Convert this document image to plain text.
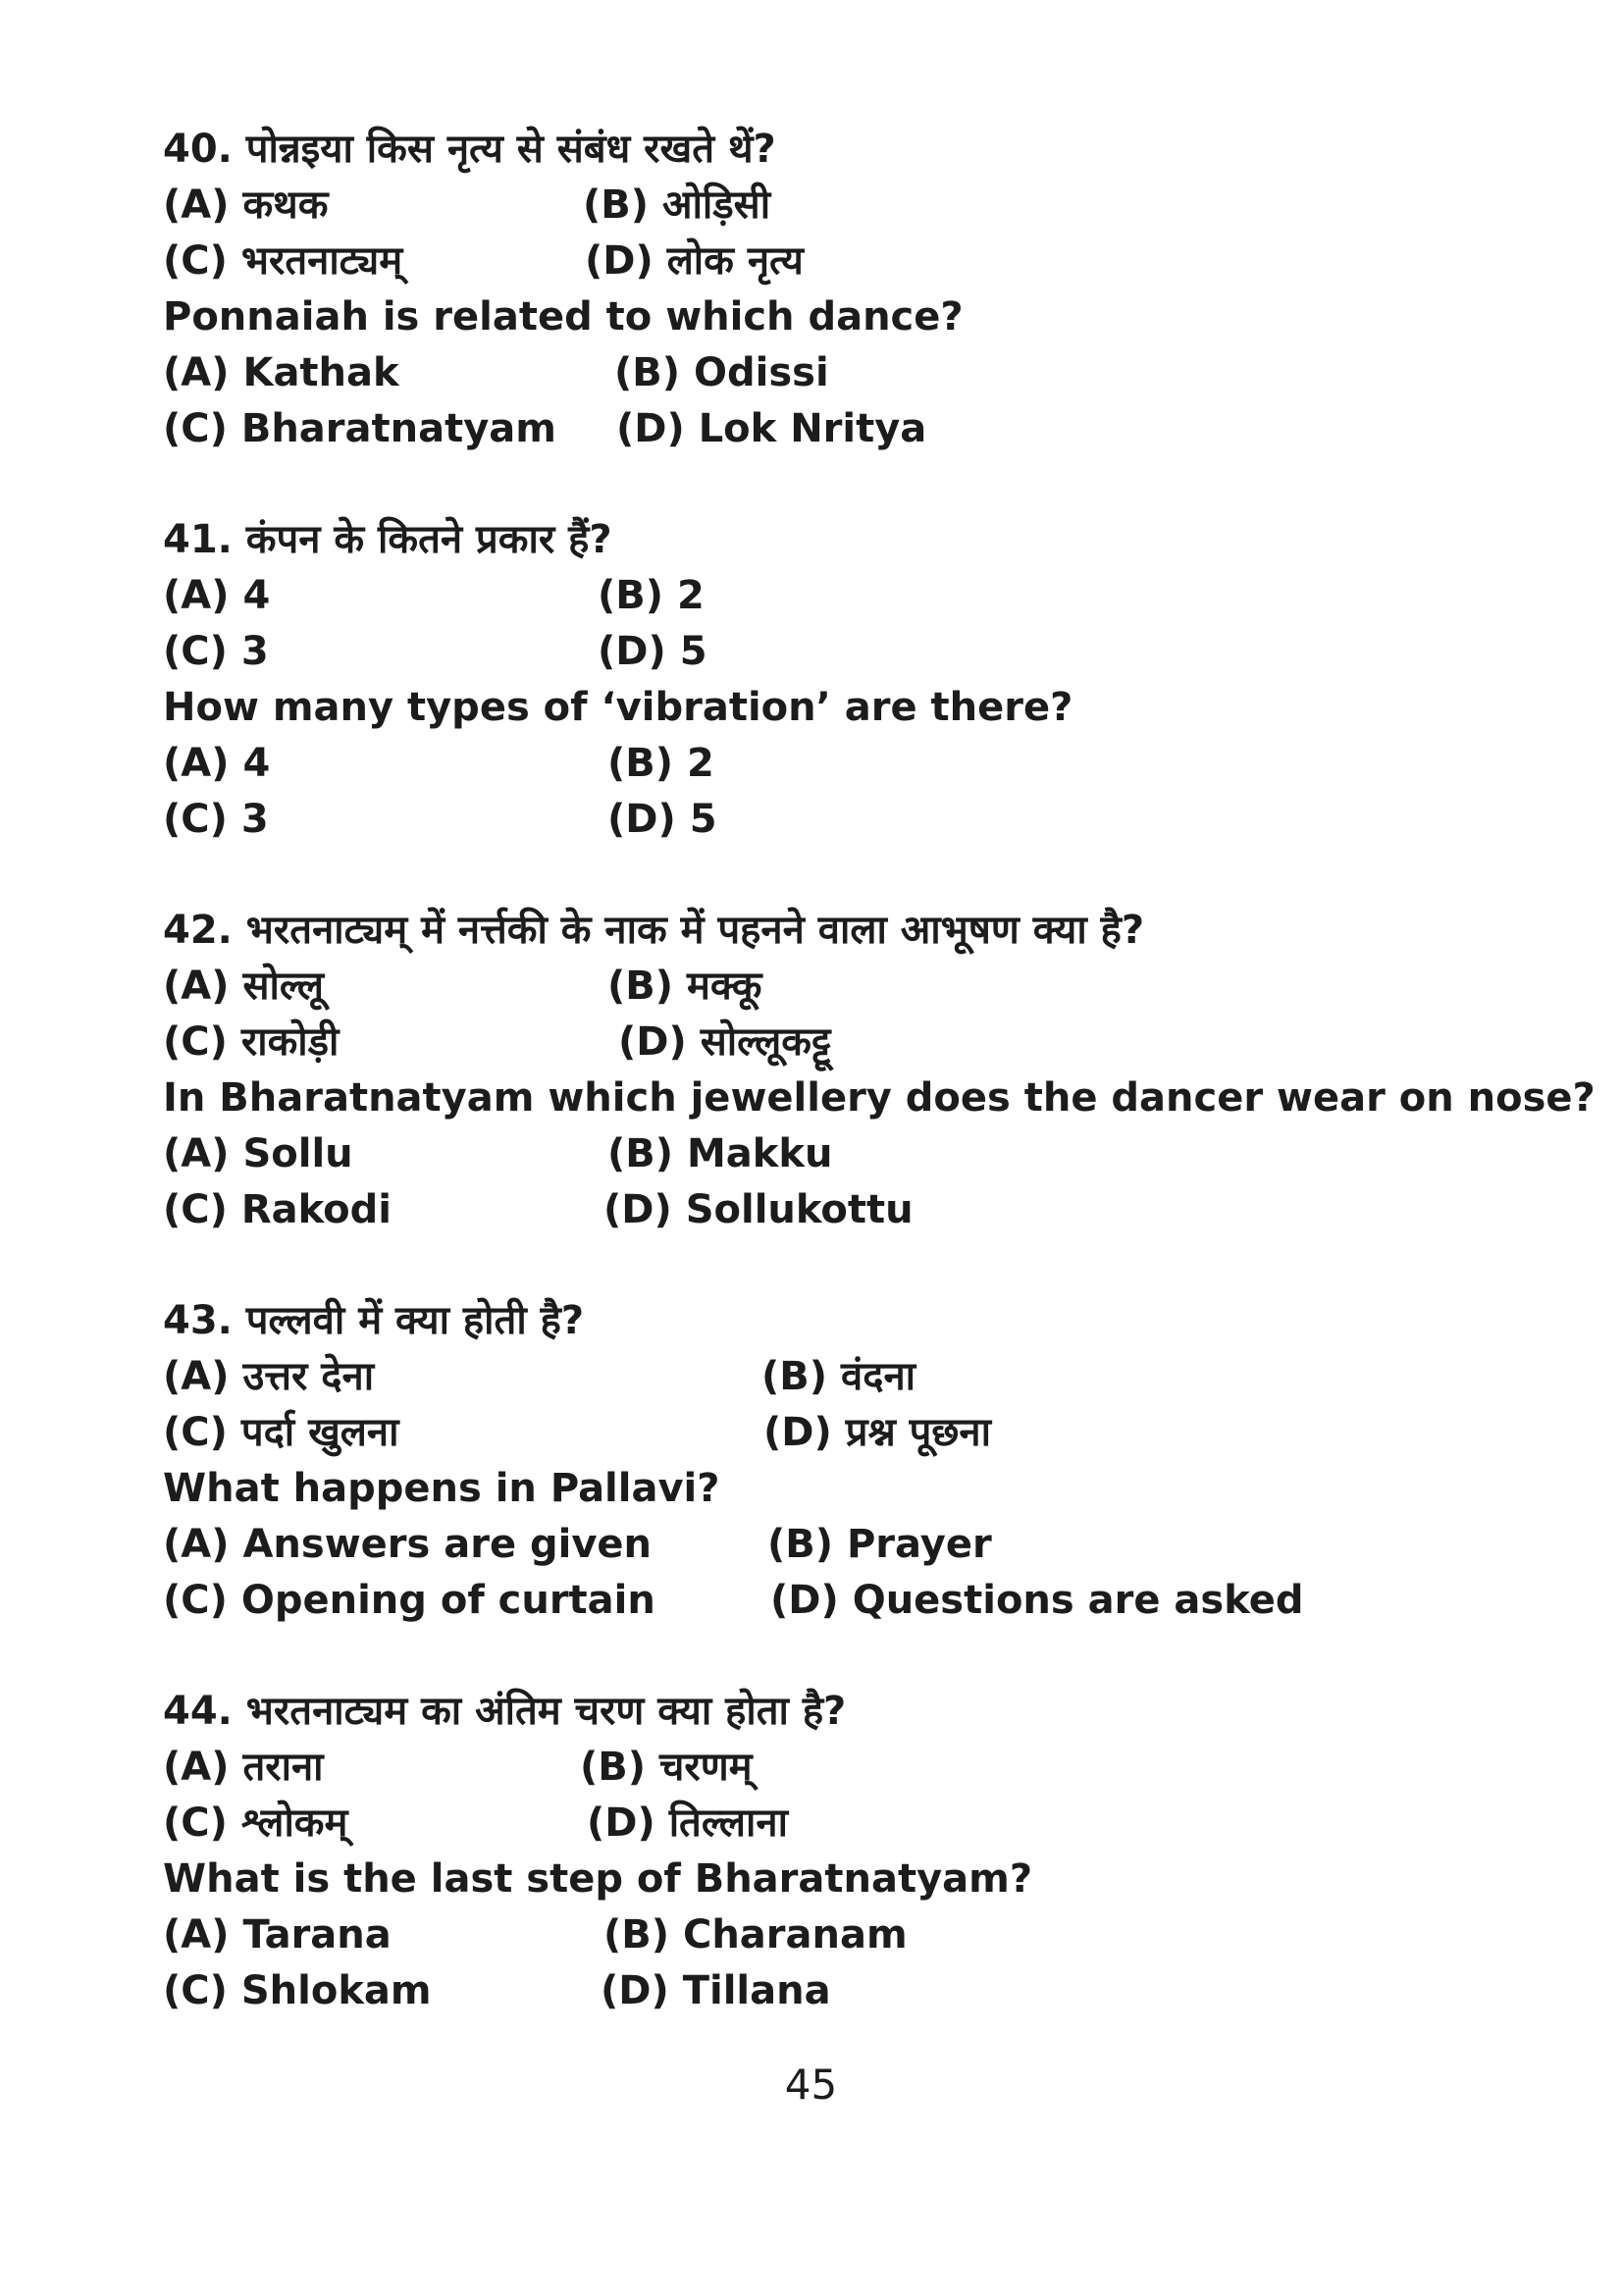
40. पोन्नइया किस नृत्य से संबंध रखते थें?
(A) कथक	(B) ओड़िसी
(C) भरतनाट्यम्	(D) लोक नृत्य
Ponnaiah is related to which dance?
(A) Kathak	(B) Odissi
(C) Bharatnatyam (D) Lok Nritya
41. कंपन के कितने प्रकार हैं?
(A) 4	(B) 2
(C) 3	(D) 5
How many types of ‘vibration’ are there?
(A) 4	(B) 2
(C) 3	(D) 5
42. भरतनाट्यम् में नर्त्तकी के नाक में पहनने वाला आभूषण क्या है?
(A) सोल्लू	(B) मक्कू
(C) राकोड़ी	(D) सोल्लूकट्टू
In Bharatnatyam which jewellery does the dancer wear on nose?
(A) Sollu	(B) Makku
(C) Rakodi	(D) Sollukottu
43. पल्लवी में क्या होती है?
(A) उत्तर देना	(B) वंदना
(C) पर्दा खुलना	(D) प्रश्न पूछना
What happens in Pallavi?
(A) Answers are given	(B) Prayer
(C) Opening of curtain	(D) Questions are asked
44. भरतनाट्यम का अंतिम चरण क्या होता है?
(A) तराना	(B) चरणम्
(C) श्लोकम्	(D) तिल्लाना
What is the last step of Bharatnatyam?
(A) Tarana	(B) Charanam
(C) Shlokam	(D) Tillana
45
